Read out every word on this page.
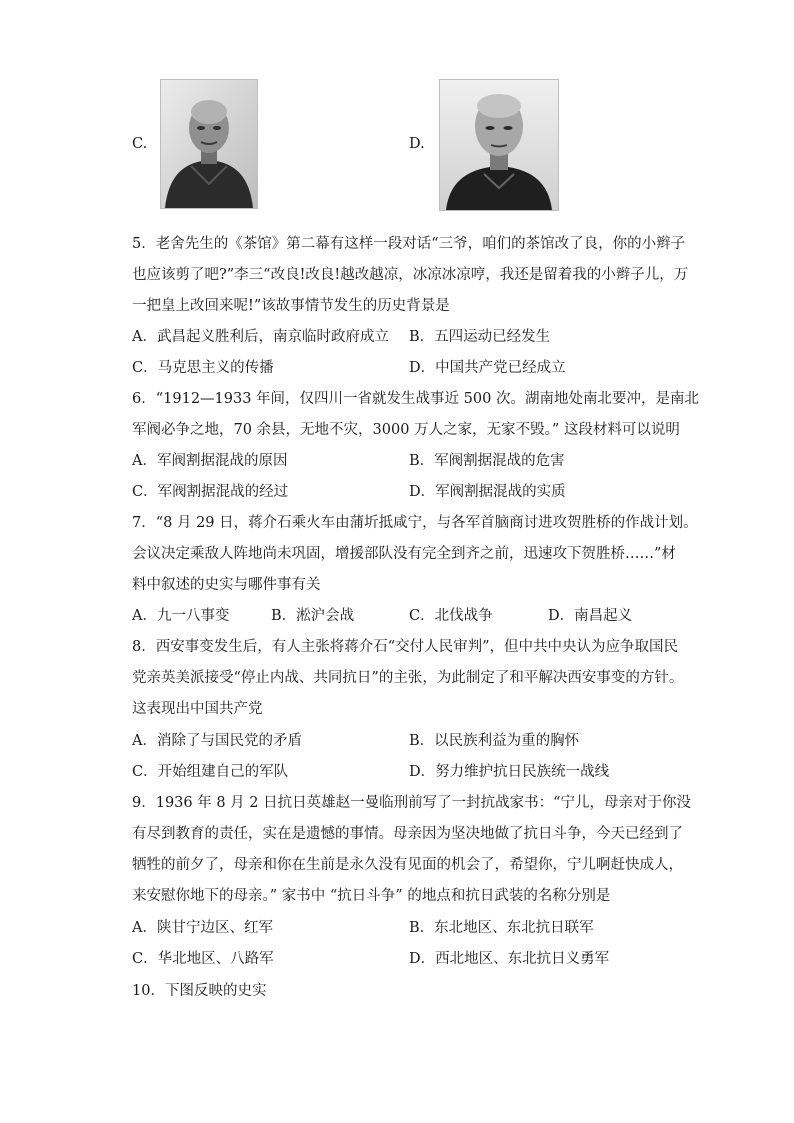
C.	D.
5．老舍先生的《茶馆》第二幕有这样一段对话“三爷，咱们的茶馆改了良，你的小辫子
也应该剪了吧?”李三“改良!改良!越改越凉，冰凉冰凉哼，我还是留着我的小辫子儿，万
一把皇上改回来呢!”该故事情节发生的历史背景是
A．武昌起义胜利后，南京临时政府成立 B．五四运动已经发生
C．马克思主义的传播	D．中国共产党已经成立
6．“1912—1933 年间，仅四川一省就发生战事近 500 次。湖南地处南北要冲，是南北
军阀必争之地，70 余县，无地不灾，3000 万人之家，无家不毁。” 这段材料可以说明
A．军阀割据混战的原因	B．军阀割据混战的危害
C．军阀割据混战的经过	D．军阀割据混战的实质
7．“8 月 29 日，蒋介石乘火车由蒲圻抵咸宁，与各军首脑商讨进攻贺胜桥的作战计划。
会议决定乘敌人阵地尚未巩固，增援部队没有完全到齐之前，迅速攻下贺胜桥……”材
料中叙述的史实与哪件事有关
A．九一八事变	B．淞沪会战	C．北伐战争	D．南昌起义
8．西安事变发生后，有人主张将蒋介石“交付人民审判”，但中共中央认为应争取国民
党亲英美派接受“停止内战、共同抗日”的主张，为此制定了和平解决西安事变的方针。
这表现出中国共产党
A．消除了与国民党的矛盾	B．以民族利益为重的胸怀
C．开始组建自己的军队	D．努力维护抗日民族统一战线
9．1936 年 8 月 2 日抗日英雄赵一曼临刑前写了一封抗战家书：“宁儿，母亲对于你没
有尽到教育的责任，实在是遗憾的事情。母亲因为坚决地做了抗日斗争，今天已经到了
牺牲的前夕了，母亲和你在生前是永久没有见面的机会了，希望你，宁儿啊赶快成人，
来安慰你地下的母亲。” 家书中 “抗日斗争” 的地点和抗日武装的名称分别是
A．陕甘宁边区、红军	B．东北地区、东北抗日联军
C．华北地区、八路军	D．西北地区、东北抗日义勇军
10．下图反映的史实
